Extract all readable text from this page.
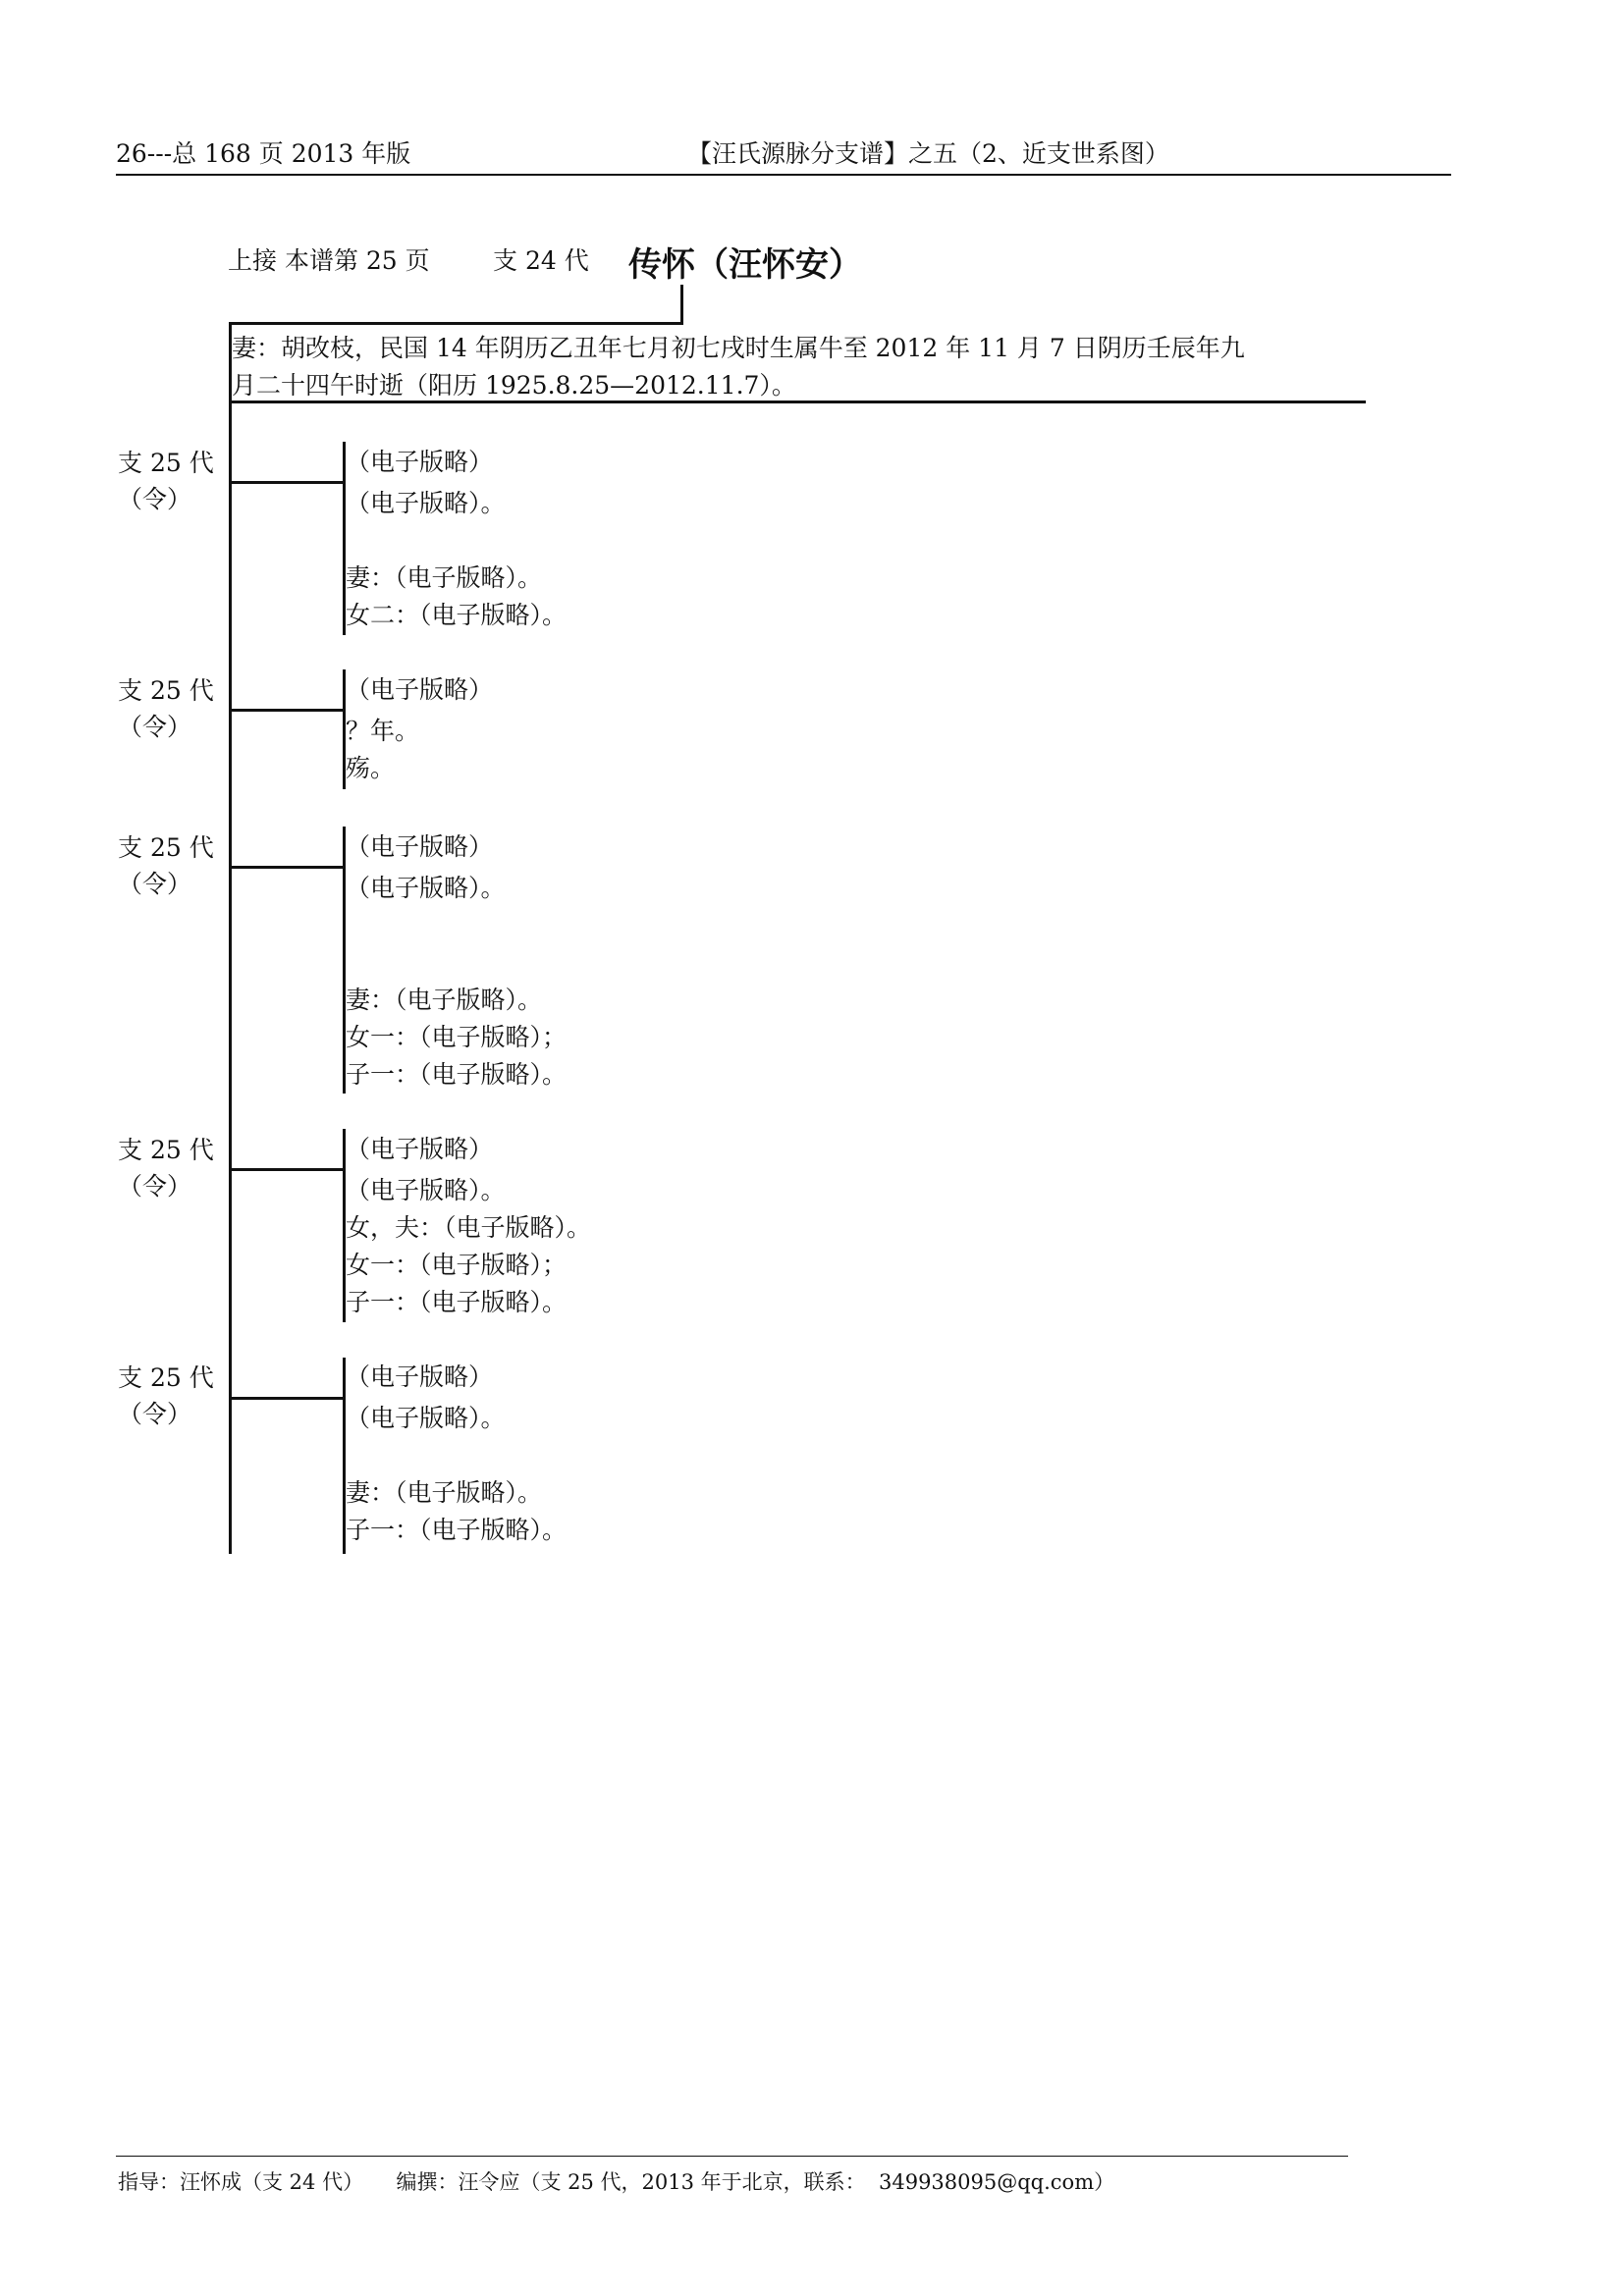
26---总 168 页 2013 年版	【汪氏源脉分支谱】之五（2、近支世系图）
上接 本谱第 25 页	支 24 代 传怀（汪怀安）
妻：胡改枝，民国 14 年阴历乙丑年七月初七戌时生属牛至 2012 年 11 月 7 日阴历壬辰年九
月二十四午时逝（阳历 1925.8.25—2012.11.7）。
支 25 代
（令）
（电子版略）
（电子版略）。
妻：（电子版略）。
女二：（电子版略）。
支 25 代
（令）
（电子版略）
？年。
殇。
支 25 代
（令）
（电子版略）
（电子版略）。
妻：（电子版略）。
女一：（电子版略）；
子一：（电子版略）。
支 25 代
（令）
（电子版略）
（电子版略）。
女，夫：（电子版略）。
女一：（电子版略）；
子一：（电子版略）。
支 25 代
（令）
（电子版略）
（电子版略）。
妻：（电子版略）。
子一：（电子版略）。
指导：汪怀成（支 24 代）     编撰：汪令应（支 25 代，2013 年于北京，联系：  349938095@qq.com）
